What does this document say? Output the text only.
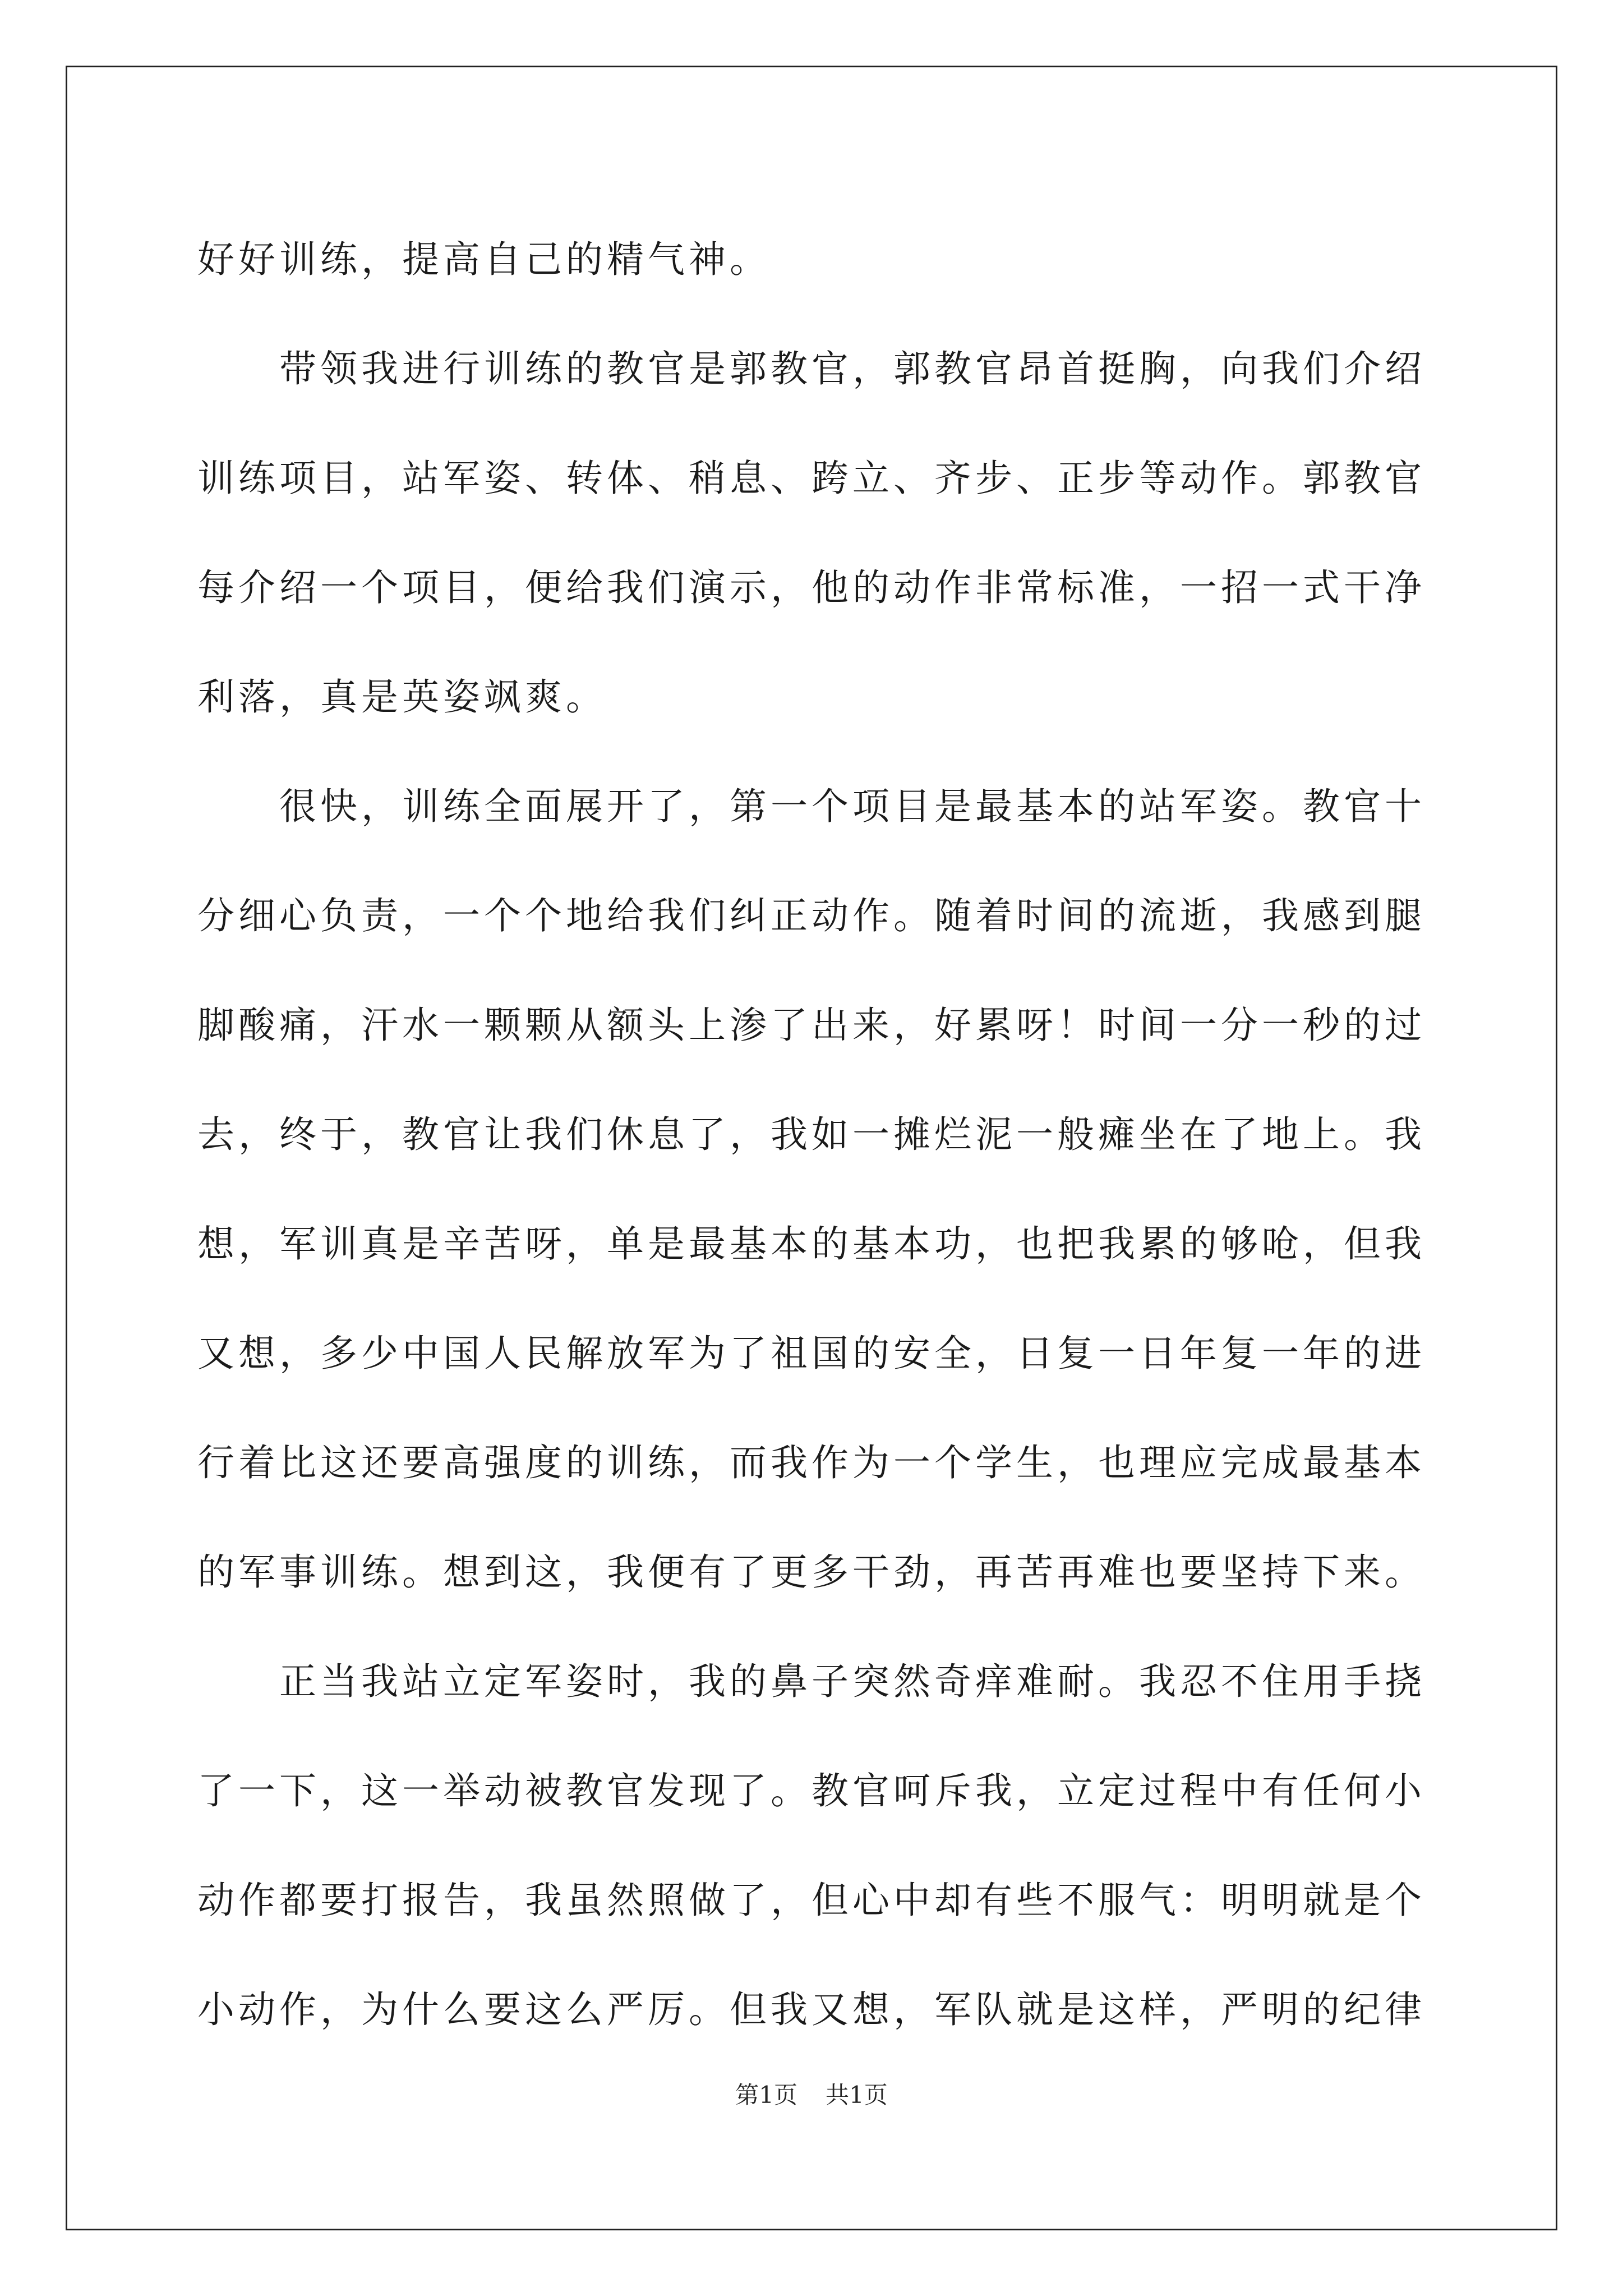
好好训练，提高自己的精气神。

带领我进行训练的教官是郭教官，郭教官昂首挺胸，向我们介绍训练项目，站军姿、转体、稍息、跨立、齐步、正步等动作。郭教官每介绍一个项目，便给我们演示，他的动作非常标准，一招一式干净利落，真是英姿飒爽。

很快，训练全面展开了，第一个项目是最基本的站军姿。教官十分细心负责，一个个地给我们纠正动作。随着时间的流逝，我感到腿脚酸痛，汗水一颗颗从额头上渗了出来，好累呀！时间一分一秒的过去，终于，教官让我们休息了，我如一摊烂泥一般瘫坐在了地上。我想，军训真是辛苦呀，单是最基本的基本功，也把我累的够呛，但我又想，多少中国人民解放军为了祖国的安全，日复一日年复一年的进行着比这还要高强度的训练，而我作为一个学生，也理应完成最基本的军事训练。想到这，我便有了更多干劲，再苦再难也要坚持下来。

正当我站立定军姿时，我的鼻子突然奇痒难耐。我忍不住用手挠了一下，这一举动被教官发现了。教官呵斥我，立定过程中有任何小动作都要打报告，我虽然照做了，但心中却有些不服气：明明就是个小动作，为什么要这么严厉。但我又想，军队就是这样，严明的纪律

第1页 共1页
